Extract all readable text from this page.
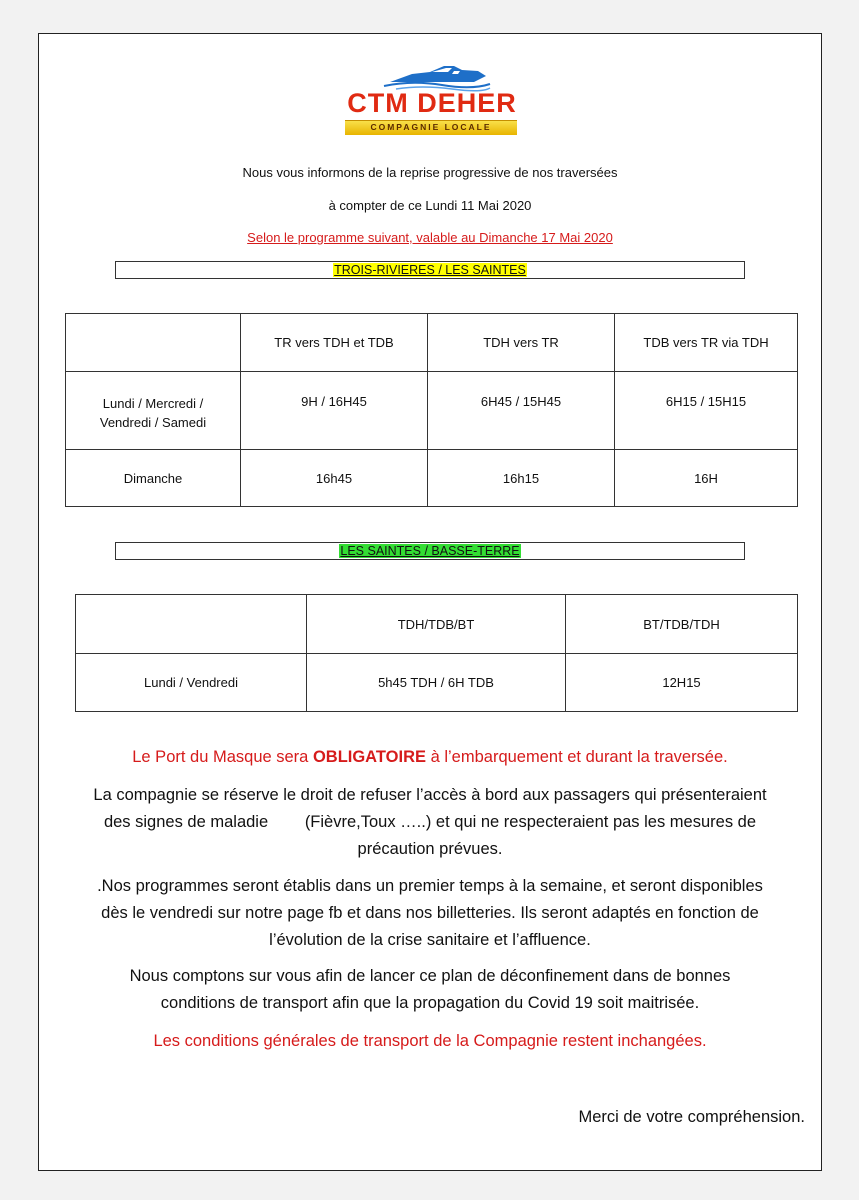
CTM DEHER
COMPAGNIE LOCALE
Nous vous informons de la reprise progressive de nos traversées
à compter de ce Lundi 11 Mai 2020
Selon le programme suivant, valable au Dimanche 17 Mai 2020
TROIS-RIVIERES / LES SAINTES
	TR vers TDH et TDB	TDH vers TR	TDB vers TR via TDH

Lundi / Mercredi /
Vendredi / Samedi	9H / 16H45	6H45 / 15H45	6H15 / 15H15
Dimanche	16h45	16h15	16H
LES SAINTES / BASSE-TERRE
	TDH/TDB/BT	BT/TDB/TDH
Lundi / Vendredi	5h45 TDH / 6H TDB	12H15
Le Port du Masque sera OBLIGATOIRE à l’embarquement et durant la traversée.
La compagnie se réserve le droit de refuser l’accès à bord aux passagers qui présenteraient
des signes de maladie        (Fièvre,Toux …..) et qui ne respecteraient pas les mesures de
précaution prévues.
.Nos programmes seront établis dans un premier temps à la semaine, et seront disponibles
dès le vendredi sur notre page fb et dans nos billetteries. Ils seront adaptés en fonction de
l’évolution de la crise sanitaire et l’affluence.
Nous comptons sur vous afin de lancer ce plan de déconfinement dans de bonnes
conditions de transport afin que la propagation du Covid 19 soit maitrisée.
Les conditions générales de transport de la Compagnie restent inchangées.
Merci de votre compréhension.
